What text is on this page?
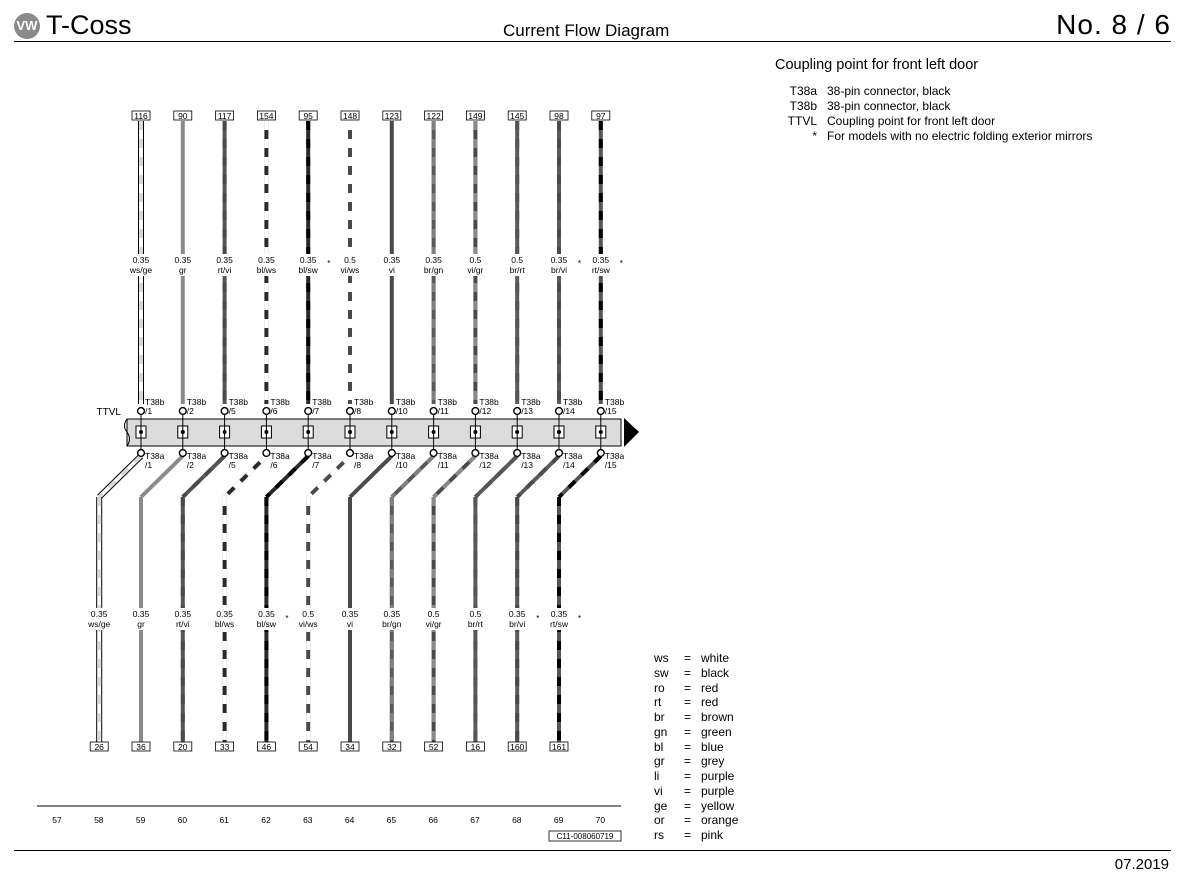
VW T-Coss	Current Flow Diagram	No. 8 / 6
Coupling point for front left door
T38a 38-pin connector, black
T38b 38-pin connector, black
TTVL Coupling point for front left door
* For models with no electric folding exterior mirrors
ws	= white
sw	= black
ro	= red
rt	= red
br	= brown
gn	= green
bl	= blue
gr	= grey
li	= purple
vi	= purple
ge	= yellow
or	= orange
rs	= pink
TTVL
116
0.35
ws/ge
T38b
/1
T38a
/1
0.35
ws/ge
26
90
0.35
gr
T38b
/2
T38a
/2
0.35
gr
36
117
0.35
rt/vi
T38b
/5
T38a
/5
0.35
rt/vi
20
154
0.35
bl/ws
T38b
/6
T38a
/6
0.35
bl/ws
33
95
0.35
bl/sw
*
T38b
/7
T38a
/7
0.35
bl/sw
*
46
148
0.5
vi/ws
T38b
/8
T38a
/8
0.5
vi/ws
54
123
0.35
vi
T38b
/10
T38a
/10
0.35
vi
34
122
0.35
br/gn
T38b
/11
T38a
/11
0.35
br/gn
32
149
0.5
vi/gr
T38b
/12
T38a
/12
0.5
vi/gr
52
145
0.5
br/rt
T38b
/13
T38a
/13
0.5
br/rt
16
98
0.35
br/vi
*
T38b
/14
T38a
/14
0.35
br/vi
*
160
97
0.35
rt/sw
*
T38b
/15
T38a
/15
0.35
rt/sw
*
161
57	58	59	60	61	62	63	64	65	66	67	68	69	70
C11-008060719
07.2019
